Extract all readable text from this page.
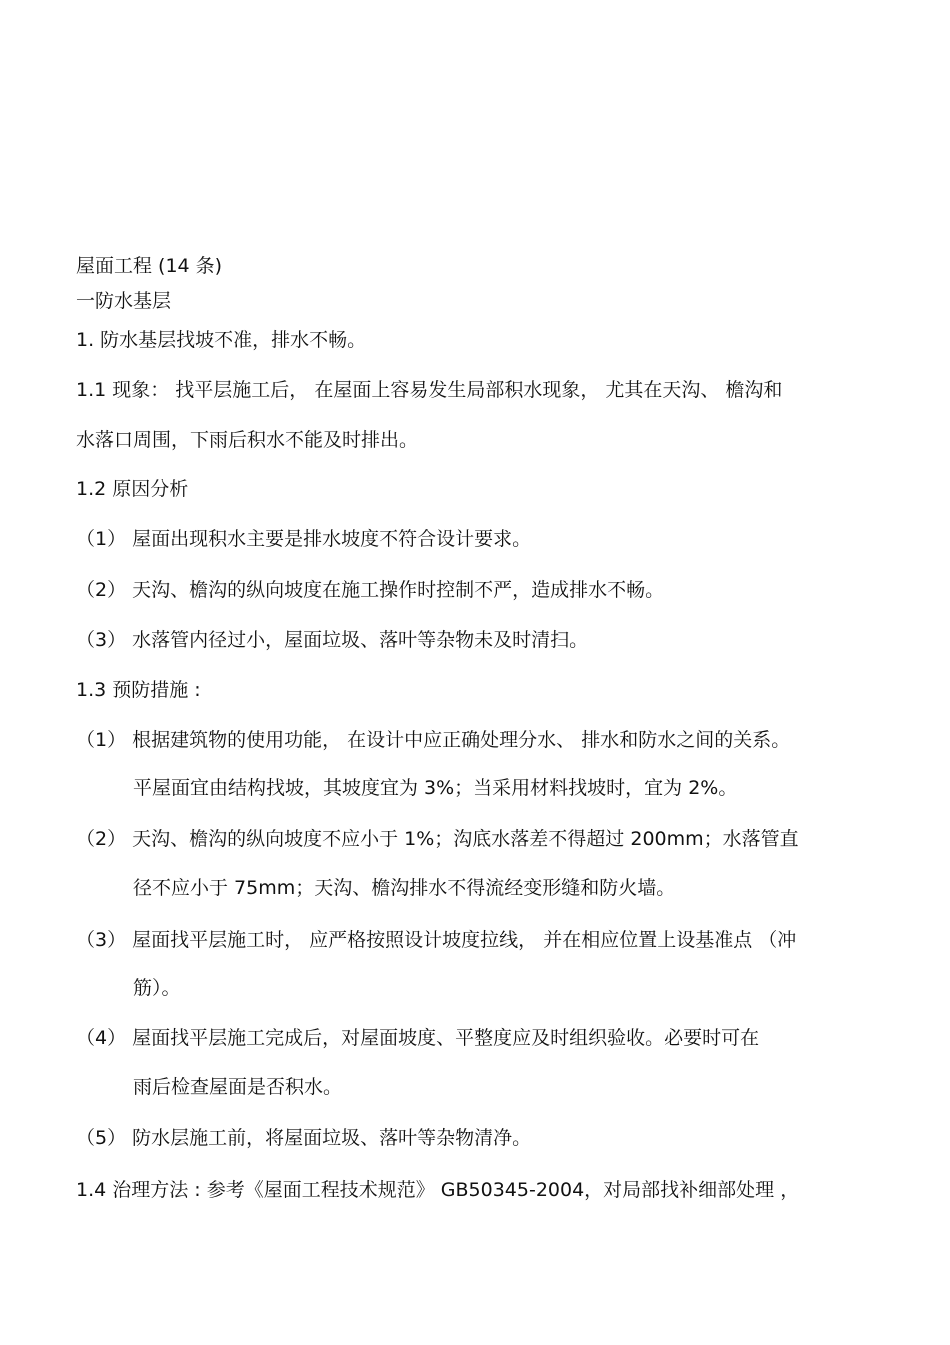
屋面工程 (14 条)
一防水基层
1. 防水基层找坡不准，排水不畅。
1.1 现象： 找平层施工后， 在屋面上容易发生局部积水现象， 尤其在天沟、 檐沟和
水落口周围，下雨后积水不能及时排出。
1.2 原因分析
（1） 屋面出现积水主要是排水坡度不符合设计要求。
（2） 天沟、檐沟的纵向坡度在施工操作时控制不严，造成排水不畅。
（3） 水落管内径过小，屋面垃圾、落叶等杂物未及时清扫。
1.3 预防措施 :
（1） 根据建筑物的使用功能， 在设计中应正确处理分水、 排水和防水之间的关系。
平屋面宜由结构找坡，其坡度宜为 3%；当采用材料找坡时，宜为 2%。
（2） 天沟、檐沟的纵向坡度不应小于 1%；沟底水落差不得超过 200mm；水落管直
径不应小于 75mm；天沟、檐沟排水不得流经变形缝和防火墙。
（3） 屋面找平层施工时， 应严格按照设计坡度拉线， 并在相应位置上设基准点 （冲
筋）。
（4） 屋面找平层施工完成后，对屋面坡度、平整度应及时组织验收。必要时可在
雨后检查屋面是否积水。
（5） 防水层施工前，将屋面垃圾、落叶等杂物清净。
1.4 治理方法 : 参考《屋面工程技术规范》 GB50345-2004，对局部找补细部处理 ，
